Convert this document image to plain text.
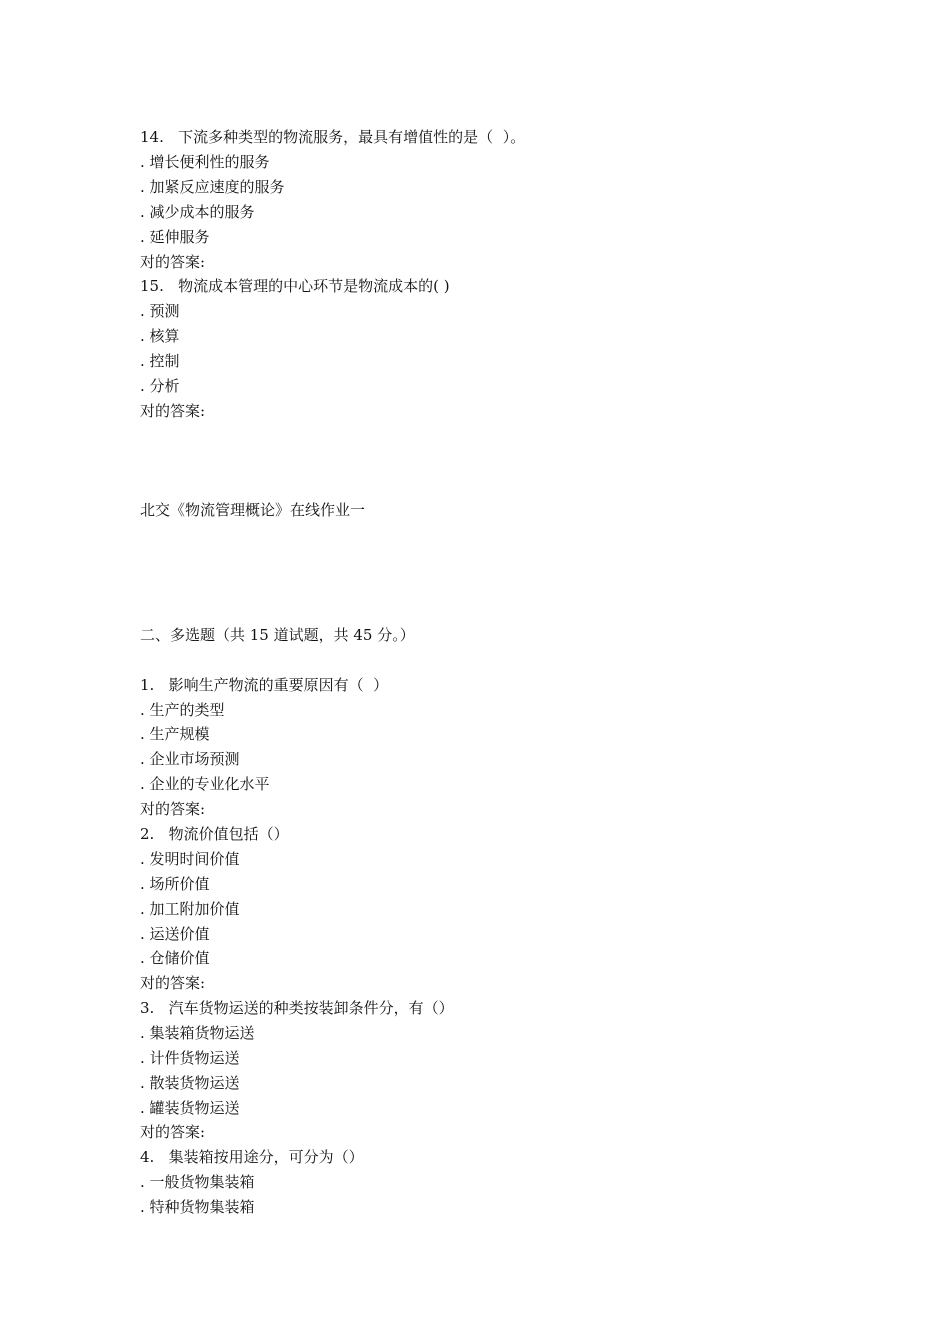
14.   下流多种类型的物流服务，最具有增值性的是（  ）。

. 增长便利性的服务

. 加紧反应速度的服务

. 减少成本的服务

. 延伸服务

对的答案:

15.   物流成本管理的中心环节是物流成本的( )

. 预测

. 核算

. 控制

. 分析

对的答案:

北交《物流管理概论》在线作业一

二、多选题（共 15 道试题，共 45 分。）

1.   影响生产物流的重要原因有（  ）

. 生产的类型

. 生产规模

. 企业市场预测

. 企业的专业化水平

对的答案:

2.   物流价值包括（）

. 发明时间价值

. 场所价值

. 加工附加价值

. 运送价值

. 仓储价值

对的答案:

3.   汽车货物运送的种类按装卸条件分，有（）

. 集装箱货物运送

. 计件货物运送

. 散装货物运送

. 罐装货物运送

对的答案:

4.   集装箱按用途分，可分为（）

. 一般货物集装箱

. 特种货物集装箱
